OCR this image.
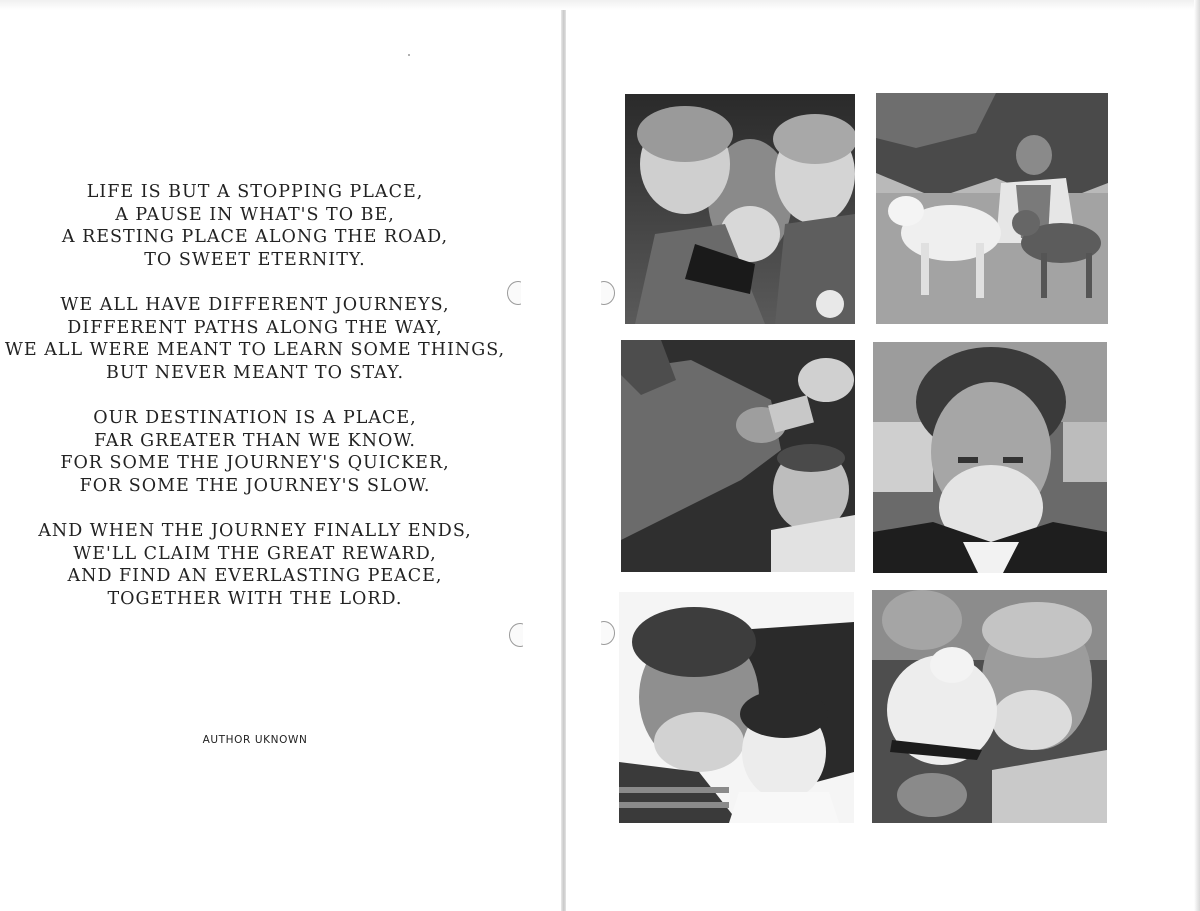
LIFE IS BUT A STOPPING PLACE,
A PAUSE IN WHAT'S TO BE,
A RESTING PLACE ALONG THE ROAD,
TO SWEET ETERNITY.
WE ALL HAVE DIFFERENT JOURNEYS,
DIFFERENT PATHS ALONG THE WAY,
WE ALL WERE MEANT TO LEARN SOME THINGS,
BUT NEVER MEANT TO STAY.
OUR DESTINATION IS A PLACE,
FAR GREATER THAN WE KNOW.
FOR SOME THE JOURNEY'S QUICKER,
FOR SOME THE JOURNEY'S SLOW.
AND WHEN THE JOURNEY FINALLY ENDS,
WE'LL CLAIM THE GREAT REWARD,
AND FIND AN EVERLASTING PEACE,
TOGETHER WITH THE LORD.
AUTHOR UKNOWN
